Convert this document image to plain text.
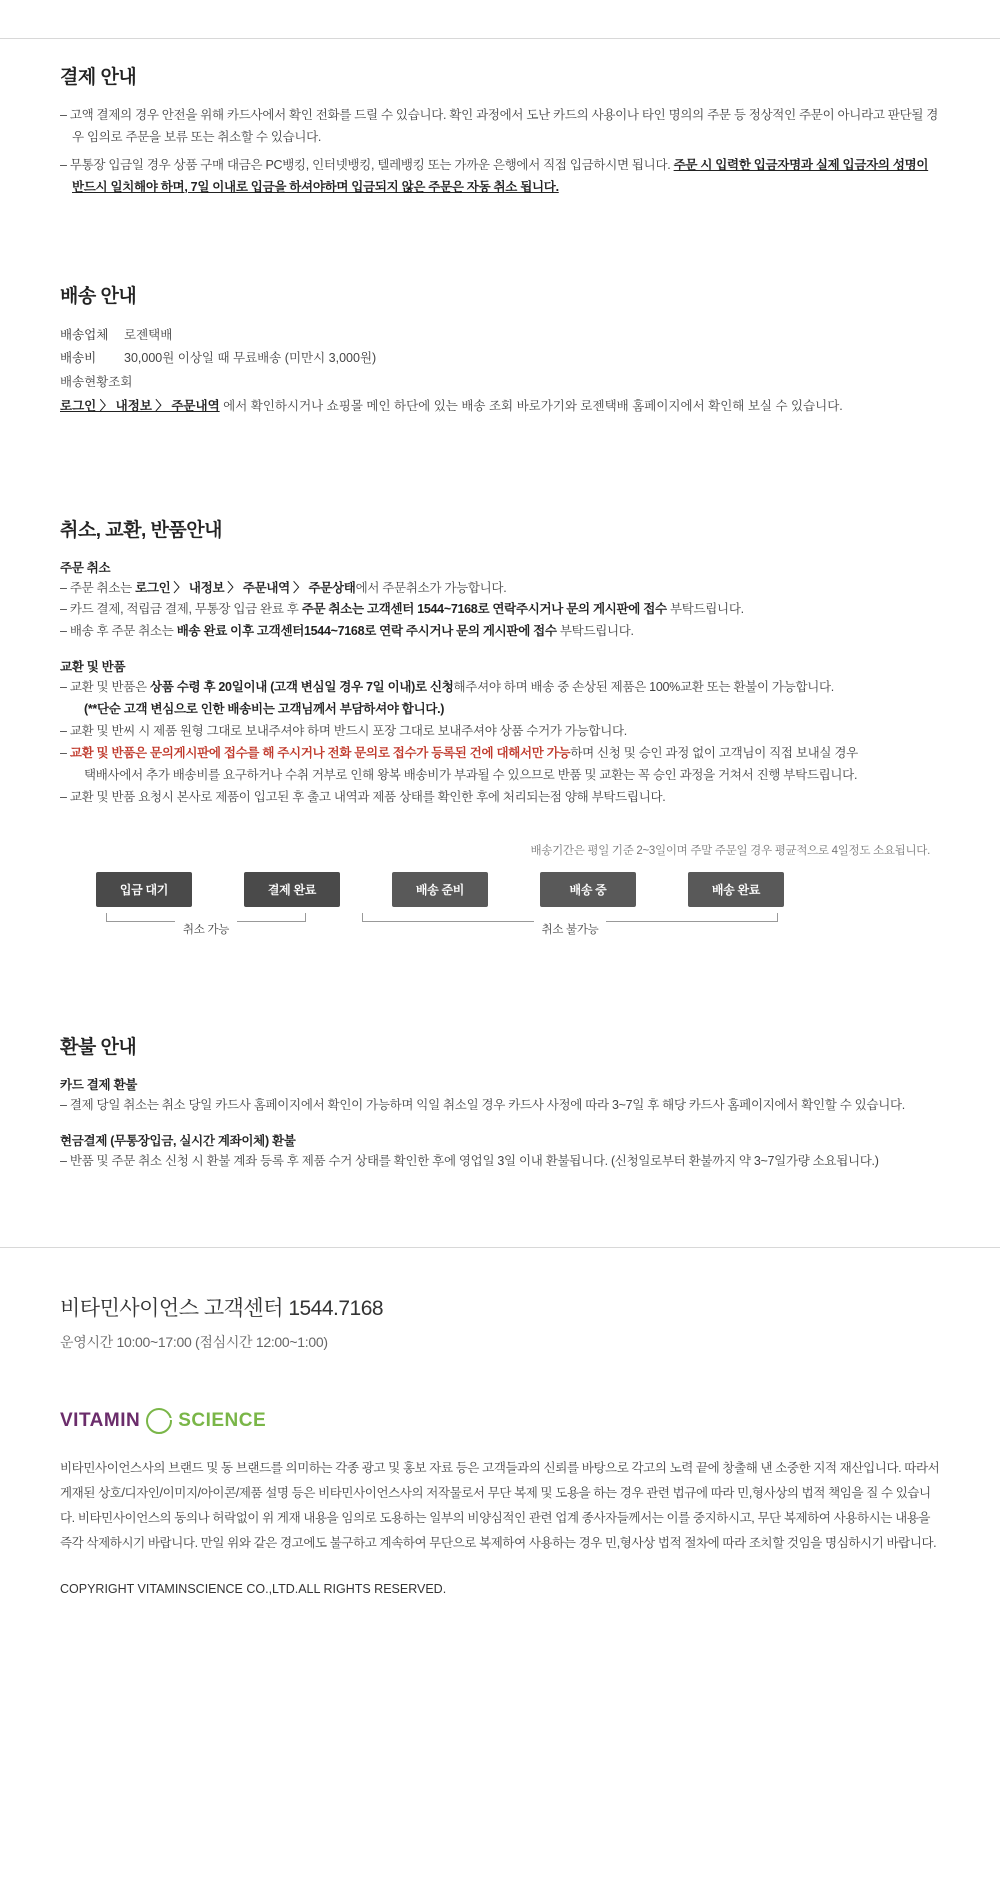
결제 안내

– 고액 결제의 경우 안전을 위해 카드사에서 확인 전화를 드릴 수 있습니다. 확인 과정에서 도난 카드의 사용이나 타인 명의의 주문 등 정상적인 주문이 아니라고 판단될 경우 임의로 주문을 보류 또는 취소할 수 있습니다.

– 무통장 입금일 경우 상품 구매 대금은 PC뱅킹, 인터넷뱅킹, 텔레뱅킹 또는 가까운 은행에서 직접 입금하시면 됩니다. 주문 시 입력한 입금자명과 실제 입금자의 성명이 반드시 일치해야 하며, 7일 이내로 입금을 하셔야하며 입금되지 않은 주문은 자동 취소 됩니다.

배송 안내
배송업체 로젠택배
배송비 30,000원 이상일 때 무료배송 (미만시 3,000원)
배송현황조회
로그인 〉 내정보 〉 주문내역 에서 확인하시거나 쇼핑몰 메인 하단에 있는 배송 조회 바로가기와 로젠택배 홈페이지에서 확인해 보실 수 있습니다.
취소, 교환, 반품안내
주문 취소

– 주문 취소는 로그인 〉 내정보 〉 주문내역 〉 주문상태에서 주문취소가 가능합니다.

– 카드 결제, 적립금 결제, 무통장 입금 완료 후 주문 취소는 고객센터 1544~7168로 연락주시거나 문의 게시판에 접수 부탁드립니다.

– 배송 후 주문 취소는 배송 완료 이후 고객센터1544~7168로 연락 주시거나 문의 게시판에 접수 부탁드립니다.

교환 및 반품

– 교환 및 반품은 상품 수령 후 20일이내 (고객 변심일 경우 7일 이내)로 신청해주셔야 하며 배송 중 손상된 제품은 100%교환 또는 환불이 가능합니다.

(**단순 고객 변심으로 인한 배송비는 고객님께서 부담하셔야 합니다.)

– 교환 및 반씨 시 제품 원형 그대로 보내주셔야 하며 반드시 포장 그대로 보내주셔야 상품 수거가 가능합니다.

– 교환 및 반품은 문의게시판에 접수를 해 주시거나 전화 문의로 접수가 등록된 건에 대해서만 가능하며 신청 및 승인 과정 없이 고객님이 직접 보내실 경우

택배사에서 추가 배송비를 요구하거나 수취 거부로 인해 왕복 배송비가 부과될 수 있으므로 반품 및 교환는 꼭 승인 과정을 거쳐서 진행 부탁드립니다.

– 교환 및 반품 요청시 본사로 제품이 입고된 후 출고 내역과 제품 상태를 확인한 후에 처리되는점 양해 부탁드립니다.

배송기간은 평일 기준 2~3일이며 주말 주문일 경우 평균적으로 4일정도 소요됩니다.
입금 대기	결제 완료	배송 준비	배송 중	배송 완료
취소 가능	취소 불가능
환불 안내
카드 결제 환불

– 결제 당일 취소는 취소 당일 카드사 홈페이지에서 확인이 가능하며 익일 취소일 경우 카드사 사정에 따라 3~7일 후 해당 카드사 홈페이지에서 확인할 수 있습니다.

현금결제 (무통장입금, 실시간 계좌이체) 환불

– 반품 및 주문 취소 신청 시 환불 계좌 등록 후 제품 수거 상태를 확인한 후에 영업일 3일 이내 환불됩니다. (신청일로부터 환불까지 약 3~7일가량 소요됩니다.)

비타민사이언스 고객센터 1544.7168

운영시간 10:00~17:00 (점심시간 12:00~1:00)

VITAMIN SCIENCE

비타민사이언스사의 브랜드 및 동 브랜드를 의미하는 각종 광고 및 홍보 자료 등은 고객들과의 신뢰를 바탕으로 각고의 노력 끝에 창출해 낸 소중한 지적 재산입니다. 따라서 게재된 상호/디자인/이미지/아이콘/제품 설명 등은 비타민사이언스사의 저작물로서 무단 복제 및 도용을 하는 경우 관련 법규에 따라 민,형사상의 법적 책임을 질 수 있습니다. 비타민사이언스의 동의나 허락없이 위 게재 내용을 임의로 도용하는 일부의 비양심적인 관련 업계 종사자들께서는 이를 중지하시고, 무단 복제하여 사용하시는 내용을 즉각 삭제하시기 바랍니다. 만일 위와 같은 경고에도 불구하고 계속하여 무단으로 복제하여 사용하는 경우 민,형사상 법적 절차에 따라 조치할 것임을 명심하시기 바랍니다.

COPYRIGHT VITAMINSCIENCE CO.,LTD.ALL RIGHTS RESERVED.
